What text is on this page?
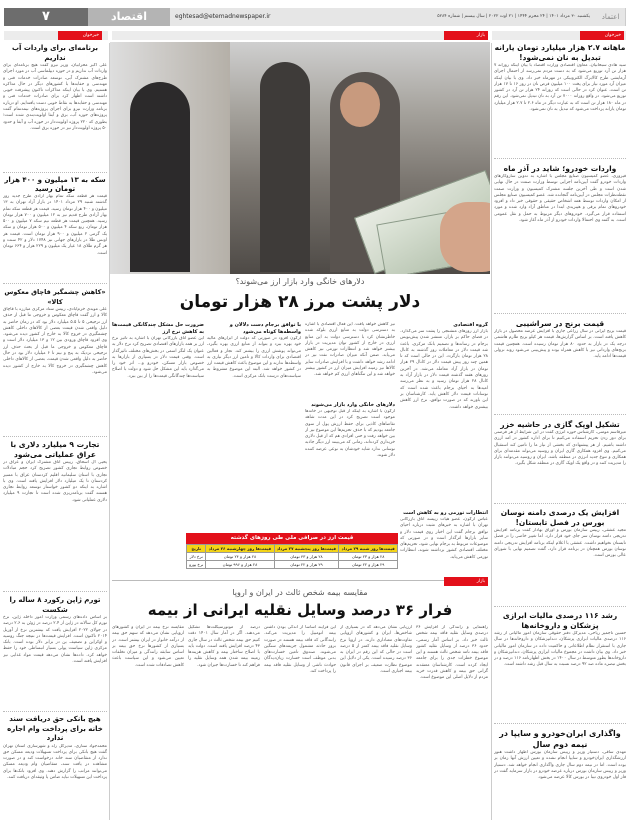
۷	اقتصاد	eghtesad@etemadnewspaper.ir	یکشنبه ۳۰ مرداد ۱۴۰۱ | ۲۴ محرم ۱۴۴۴ | ۲۱ اوت ۲۰۲۲ | سال بیستم | شماره ۵۲۸۴	اعتماد
خبرخوان	بازار	خبرخوان
برنامه‌ای برای واردات آب نداریم
علی اکبر محرابیان، وزیر نیرو گفت هیچ برنامه‌ای برای واردات آب نداریم و در حوزه دیپلماسی آب در مورد اجرای طرح‌های مشترک آبی، توسعه صادرات خدمات فنی و مهندسی و حفابه‌ها با کشورهای دیگر در حال مذاکره هستیم. وی با بیان اینکه مذاکرات تاکنون پیشرفت خوبی داشته است اظهار کرد برای صادرات خدمات فنی و مهندسی و حفابه‌ها به نقاط خوبی دست یافته‌ایم. او درباره برنامه وزارت نیرو برای اجرای پروژه‌های نیمه‌تمام گفت پروژه‌های حوزه آب، برق و آبفا اولویت‌بندی شده است؛ بطوری که ۲۲۰ پروژه اولویت‌دار در حوزه آب و آبفا و حدود ۵۰ پروژه اولویت‌دار نیز در حوزه برق است.
سکه به ۱۳ میلیون و ۴۰۰ هزار تومان رسید
قیمت هر قطعه سکه تمام بهار آزادی طرح جدید روز گذشته شنبه ۲۹ مرداد ۱۴۰۱ در بازار آزاد تهران به ۱۳ میلیون و ۴۰۰ هزار تومان رسید. قیمت هر قطعه سکه تمام بهار آزادی طرح قدیم نیز به ۱۲ میلیون و ۷۰۰ هزار تومان رسید. همچنین قیمت هر قطعه نیم سکه ۷ میلیون و ۵۰۰ هزار تومان، ربع سکه ۴ میلیون و ۵۰۰ هزار تومان و سکه یک گرمی ۲ میلیون و ۹۰۰ هزار تومان است. قیمت هر اونس طلا در بازارهای جهانی نیز ۱۷۴۸ دلار و ۴۲ سنت و هر گرم طلای ۱۸ عیار یک میلیون و ۲۲۹ هزار و ۶۶۴ تومان است.
«کاهش چشمگیر قاچاق معکوس کالا»
علی موبدی خرم‌آبادی، رییس ستاد مرکزی مبارزه با قاچاق کالا و ارز گفت قاچاق معکوس و خروجی ما قبل از حذف ارز ترجیحی ۵ تا ۵.۵ میلیارد دلار بود که در زمان حاضر به دلیل واقعی شدن قیمت بعضی از کالاهای داخلی کاهش چشمگیری در خروج کالا به خارج از کشور دیده می‌شود. وی افزود قاچاق ورودی بین ۱۲ و ۱۳ میلیارد دلار است و قاچاق معکوس و خروجی ما قبل از بحث حذف ارز ترجیحی نزدیک به پنج و نیم تا ۶ میلیارد دلار بود در حال حاضر به دلیل واقعی شدن قیمت، بعضی از کالاهای داخلی کاهش چشمگیری در خروج کالا به خارج از کشور دیده می‌شود.
تجارت ۹ میلیارد دلاری با عراق عملیاتی می‌شود
یحیی آل اسحاق، رییس اتاق مشترک ایران و عراق در خصوص روابط تجاری کشور تصریح کرد حجم مبادلات تجاری با استان سلیمانیه اقلیم کردستان عراق با مسیر کردستان تا یک میلیارد دلار افزایش یافته است. وی با اشاره به اینکه دو کشور خواستار توسعه روابط تجاری هستند گفت برنامه‌ریزی شده است تا تجارت ۹ میلیارد دلاری عملیاتی شود.
تورم ژاپن رکورد ۸ ساله را شکست
بر اساس داده‌های رسمی وزارت امور داخله ژاپن، نرخ تورم کل سالانه در ژاپن از ۲.۴ درصد در ژوئن به ۲.۶ درصد در جولای ۲۰۲۲ افزایش یافت که بیشترین نرخ از آوریل ۲۰۱۴ تاکنون است. افزایش قیمت‌ها در نتیجه جنگ روسیه و اوکراین و تضعیف ین در برابر دلار بوده است. بانک مرکزی ژاپن سیاست پولی بسیار انبساطی خود را حفظ خواهد کرد. داده‌ها نشان می‌دهد قیمت مواد غذایی نیز افزایش یافته است.
هیچ بانکی حق دریافت سند خانه برای پرداخت وام اجاره ندارد
محمدجواد ستاری، مدیرکل راه و شهرسازی استان تهران گفت هیچ بانکی برای پرداخت تسهیلات ودیعه مسکن حق ندارد از متقاضیان سند خانه درخواست کند و در صورت مشاهده در یافت سند، متقاضیان وام ودیعه مسکن می‌توانند مراتب را گزارش دهند. وی افزود بانک‌ها برای پرداخت این تسهیلات نباید ضامن یا وثیقه‌ای دریافت کنند.
ماهانه ۲.۷ هزار میلیارد تومان یارانه تبدیل به نان نمی‌شود!
سید هادی سبحانیان، معاون اقتصادی وزارت اقتصاد با بیان اینکه روزانه ۷ هزار تن آرد توزیع می‌شود که به دست مردم نمی‌رسد از احتمال اجرای آزمایشی طرح کالابرگ الکترونیکی در مهرماه خبر داد. وی با بیان اینکه میزان آرد مورد نیاز برای پخت ۱۰۰ میلیون قرص نان در روز ۱۶ تا ۱۷ هزار تن است، عنوان کرد در حالی است که روزانه ۲۴ هزار تن آرد در کشور توزیع می‌شود. در واقع روزانه ۷۰۰۰ تن آرد به نان تبدیل نمی‌شود. این رقم در ماه ۱۸۰ هزار تن است که به عبارت دیگر در ماه ۲.۶ تا ۲.۷ هزار میلیارد تومان یارانه پرداخت می‌شود که تبدیل به نان نمی‌شود.
واردات خودرو؛ شاید در آذر ماه
فیروزی، عضو کمیسیون صنایع مجلس با اشاره به تدوین سازوکارهای واردات خودرو گفت آیین‌نامه اجرایی توسط وزارت صمت در حال نهایی شدن است و طی آخرین جلسه مشترک کمیسیون و وزارت صمت نقطه‌نظرات مجلس در آیین‌نامه گنجانده شد. عضو کمیسیون صنایع مجلس از امکان واردات توسط همه اشخاص حقیقی و حقوقی خبر داد و افزود خودروهای تمام برقی و هیبریدی ابتدا در مناطق آزاد وارد شده و مورد استفاده قرار می‌گیرد. خودروهای دیگر مربوط به حمل و نقل عمومی است. به گفته وی احتمالا واردات خودرو از آذر ماه آغاز شود.
قیمت برنج در سراشیبی
قیمت برنج ایرانی در سال زراعی جاری با افزایش عرضه محصول در بازار کاهش یافته است. بر اساس گزارش‌ها، قیمت هر کیلو برنج طارم هاشمی درجه یک در بازار به حدود ۸۰ هزار تومان رسیده است. همچنین قیمت برنج‌های وارداتی نیز با کاهش همراه بوده و پیش‌بینی می‌شود روند نزولی قیمت‌ها ادامه یابد.
تشکیل اوپک گازی در حاشیه خزر
میرقاسم مومنی، کارشناس حوزه انرژی گفت در این شرایط از هر فرصتی برای دور زدن تحریم استفاده می‌کنیم تا برای اداره کشور در امد ارزی داشته باشیم. از هر پیشنهادی که بخشی از نیاز ما را تامین کند استقبال می‌کنیم. وی افزود همکاری گازی ایران و روسیه می‌تواند مقدمه‌ای برای همکاری و تنوع جدید انرژی در منطقه باشد. ایران و روسیه می‌توانند بازار را مدیریت کنند و در واقع یک اوپک گازی در منطقه شکل بگیرد.
افزایش یک درصدی دامنه نوسان بورس در فصل تابستان!
مجید عشقی، رییس سازمان بورس و اوراق بهادار گفت برنامه افزایش تدریجی دامنه نوسان سر جای خود قرار دارد. اما تغییر خاصی را در فصل تابستان نخواهیم داشت. عشقی با اعلام اینکه برنامه افزایش تدریجی دامنه نوسان بورس همچنان در برنامه قرار دارد، گفت تصمیم نهایی با شورای عالی بورس است.
رشد ۱۱۶ درصدی مالیات ابرازی پزشکان و داروخانه‌ها
حسین تاجمیر ریاحی، مدیرکل دفتر حقوقی سازمان امور مالیاتی از رشد ۱۱۶ درصدی مالیات ابرازی پزشکان، دندانپزشکان و داروخانه‌ها در سال جاری با استقرار نظام اطلاعاتی و حاکمیت داده در سازمان امور مالیاتی خبر داد. وی بیان داشت در مجموع مالیات ابرازی پزشکان، دندانپزشکان و داروخانه‌ها بطور متوسط در سال ۱۴۰۰ در بخش اظهارنامه ۱۱۶ درصد و در بخش تبصره ماده صد ۹۲ درصد نسبت به سال قبل رشد داشته است.
واگذاری ایران‌خودرو و سایپا در نیمه دوم سال
مهدی ساقی، دستیار وزیر و رییس سازمان بورس اظهار داشت هنوز ارزشگذاری ایران‌خودرو و سایپا انجام نشده و تعیین ارزش آنها زمان بر بوده است. اما در نیمه دوم سال جاری واگذاری انجام خواهد شد. دستیار وزیر و رییس سازمان بورس درباره عرضه خودرو در بازار سرمایه گفت در فاز اول خودروی تیبا در بورس کالا عرضه می‌شود.
دلارهای خانگی وارد بازار ارز می‌شوند؟
دلار پشت مرز ۲۸ هزار تومان
گروه اقتصادی
بازار ارز روزهای متشنجی را پشت سر می‌گذارد. در فضای حاکم بر بازار، منتشر شدن پیش‌نویس برجام در رسانه‌ها و تصمیم بانک مرکزی، باعث شد قیمت دلار در معاملات روز گذشته به کانال ۲۸ هزار تومان بازگردد. این در حالی است که تا همین چند روز پیش قیمت دلار در کانال ۲۹ هزار تومان در بازار آزاد معامله می‌شد. در آخرین روزهای هفته گذشته قیمت دلار در بازار آزاد به کانال ۲۸ هزار تومان رسید و به نظر می‌رسد امیدها به احیای برجام باعث شده است که نوسانات قیمت دلار کاهش یابد. کارشناسان بر این باورند که در صورت توافق، نرخ ارز کاهش بیشتری خواهد داشت.
انتظارات تورمی رو به کاهش است
عباس آرگون، عضو هیات رییسه اتاق بازرگانی تهران با اشاره به خبرهای مثبت درباره احیای توافق برجام گفت این اخبار روی قیمت دلار و سایر بازارها اثرگذار است و در صورتی که موضوعات مربوط به برجام نهایی شود، تحریم‌های مختلف اقتصادی کشور برداشته شوند، انتظارات تورمی کاهش می‌یابد.
نیز کاهش خواهد یافت. این فعال اقتصادی با اشاره به دسترسی دولت به منابع ارزی بلوکه شده خاطرنشان کرد با دسترسی دولت به این منابع ارزی در خارج از کشور توان مدیریت در بازار بیشتر خواهد شد و انتظارات تورمی نیز کاهش می‌یابد. ضمن آنکه میزان صادرات نفت نیز در ادامه رشد خواهد داشت و با افزایش صادرات سایر کالاها نیز زمینه افزایش میزان ارز در کشور بیشتر خواهد شد و این تنگناهای ارزی کم خواهد شد.
دلارهای خانگی وارد بازار می‌شوند
آرگون با اشاره به اینکه از قبل توجیهی در خانه‌ها موجود است تصریح کرد در این مدت شاهد تقاضاهای کاذبی برای حفظ ارزش پول از سوی جامعه بودیم که با حذف تحریم‌ها این موضوع نیز از بین خواهد رفت و حتی افرادی هم که از قبل دلاری خریداری کرده‌اند، زمانی که می‌بینند ارز دیگر جاذبه نوسانی ندارد شاید خودشان به نوعی عرضه کننده دلار شوند.
با توافق برجام دست دلالان و واسطه‌ها کوتاه می‌شود
ارگون افزود در صورتی که دولت از ابزارهای مالیه خود بهره ببرد و بتواند از منابع ارزی بهره بگیرد، می‌تواند پوشش ارزی را بیشتر کند. تجار و فعالین اقتصادی برای واردات کالا و تامین ارز دیگر نیازی به واسطه‌ها ندارند و این موضوع باعث کاهش قیمت ارز در کشور خواهد شد. البته این موضوع مشروط به سیاست‌های درست بانک مرکزی است.
ضرورت حل مشکل چندگانگی قیمت‌ها به کاهش نرخ ارز
این عضو اتاق بازرگانی تهران با اشاره به تاثیر نرخ ارز بر همه بازارهای اقتصادی تصریح کرد نرخ دلار به عنوان یک لنگر اسمی در بخش‌های مختلف تاثیرگذار است. وقتی قیمت دلار در بسیاری از بازارها به خصوص بازار مسکن، خودرو و... اثر خود را می‌گذارد باید این مشکل حل شود و دولت با اصلاح سیاست‌ها چندگانگی قیمت‌ها را از بین ببرد.
قیمت ارز در صرافی ملی طی روزهای گذشته
قیمت‌ها روز شنبه ۲۹ مرداد	قیمت‌ها روز پنجشنبه ۲۷ مرداد	قیمت‌ها روز چهارشنبه ۲۶ مرداد	تاریخ
۲۸ هزار و ۲۳ تومان	۲۸ هزار و ۴۳ تومان	۲۸ هزار و ۲۴ تومان	نرخ دلار
۲۹ هزار و ۲۲ تومان	۲۹ هزار و ۲۲ تومان	۲۸ هزار و ۹۹۶ تومان	نرخ یورو
بازار
مقایسه بیمه شخص ثالث در ایران و اروپا
فرار ۳۶ درصد وسایل نقلیه ایرانی از بیمه
راهنمایی و رانندگی از افزایش ۳۶ درصدی وسایل نقلیه فاقد بیمه شخص ثالث خبر داد. بر اساس آمار رسمی، حدود ۳۶ درصد از وسایل نقلیه کشور فاقد بیمه نامه شخص ثالث هستند و این موضوع خطرات جدی را برای جامعه ایجاد کرده است. کارشناسان معتقدند گرانی حق بیمه و کاهش قدرت خرید مردم از دلایل اصلی این موضوع است.
ارزیابی نشان می‌دهد که در بسیاری از شاخص‌ها، ایران و کشورهای اروپایی تفاوت‌های معناداری دارند. در اروپا نرخ وسایل نقلیه فاقد بیمه کمتر از ۵ درصد است در حالی که این رقم در ایران به ۳۶ درصد رسیده است. یکی از دلایل این موضوع نظارت ضعیف بر اجرای قانون بیمه اجباری است.
این فرایند اساسا از اندکی بودن داشتن بیمه اتومبیل را مدیریت می‌کند. رانندگانی که فاقد بیمه هستند در صورت بروز حادثه مشمول جریمه‌های سنگین می‌شوند. صندوق تامین خسارت‌های بدنی موظف است خسارت زیان‌دیدگان حوادث ناشی از وسایل نقلیه فاقد بیمه را پرداخت کند.
درصد از موتورسیکلت‌ها تشکیل می‌دهند. اگر در آمار سال ۱۴۰۱ دقت کنیم حق بیمه شخص ثالث در سال جاری ۴۳ درصد افزایش یافته است. دولت باید با اصلاح ساختار بیمه و کاهش هزینه‌ها زمینه بیمه شدن همه وسایل نقلیه را فراهم کند تا خسارت‌ها جبران شود.
مقایسه نرخ بیمه در ایران و کشورهای اروپایی نشان می‌دهد که سهم حق بیمه از درآمد خانوار در ایران بیشتر است. در بسیاری از کشورها نرخ حق بیمه بر اساس سابقه رانندگی و میزان تخلفات تعیین می‌شود و این سیاست باعث کاهش تصادفات شده است.
